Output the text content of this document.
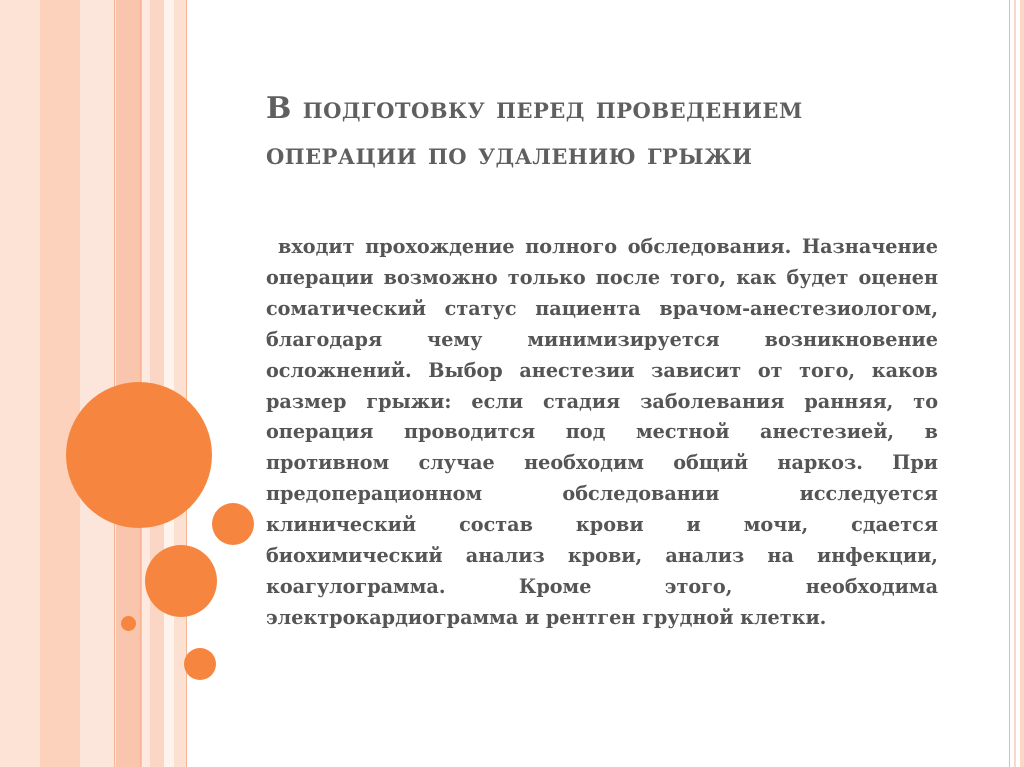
В подготовку перед проведением операции по удалению грыжи

входит прохождение полного обследования. Назначение операции возможно только после того, как будет оценен соматический статус пациента врачом-анестезиологом, благодаря чему минимизируется возникновение осложнений. Выбор анестезии зависит от того, каков размер грыжи: если стадия заболевания ранняя, то операция проводится под местной анестезией, в противном случае необходим общий наркоз. При предоперационном обследовании исследуется клинический состав крови и мочи, сдается биохимический анализ крови, анализ на инфекции, коагулограмма. Кроме этого, необходима электрокардиограмма и рентген грудной клетки.
